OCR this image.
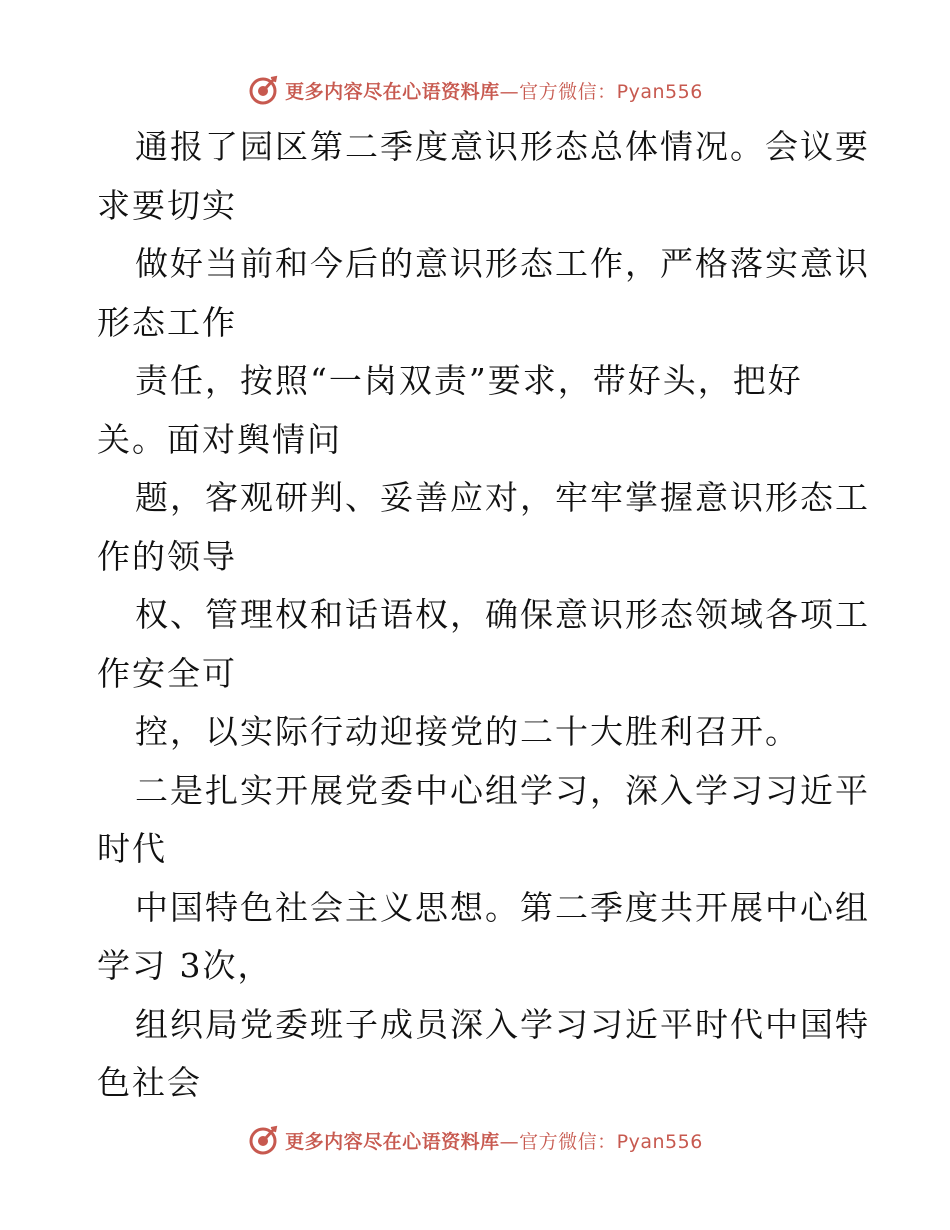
更多内容尽在心语资料库—官方微信：Pyan556

通报了园区第二季度意识形态总体情况。会议要

求要切实

做好当前和今后的意识形态工作，严格落实意识

形态工作

责任，按照“一岗双责”要求，带好头，把好

关。面对舆情问

题，客观研判、妥善应对，牢牢掌握意识形态工

作的领导

权、管理权和话语权，确保意识形态领域各项工

作安全可

控，以实际行动迎接党的二十大胜利召开。

二是扎实开展党委中心组学习，深入学习习近平

时代

中国特色社会主义思想。第二季度共开展中心组

学习 3次，

组织局党委班子成员深入学习习近平时代中国特

色社会

更多内容尽在心语资料库—官方微信：Pyan556
